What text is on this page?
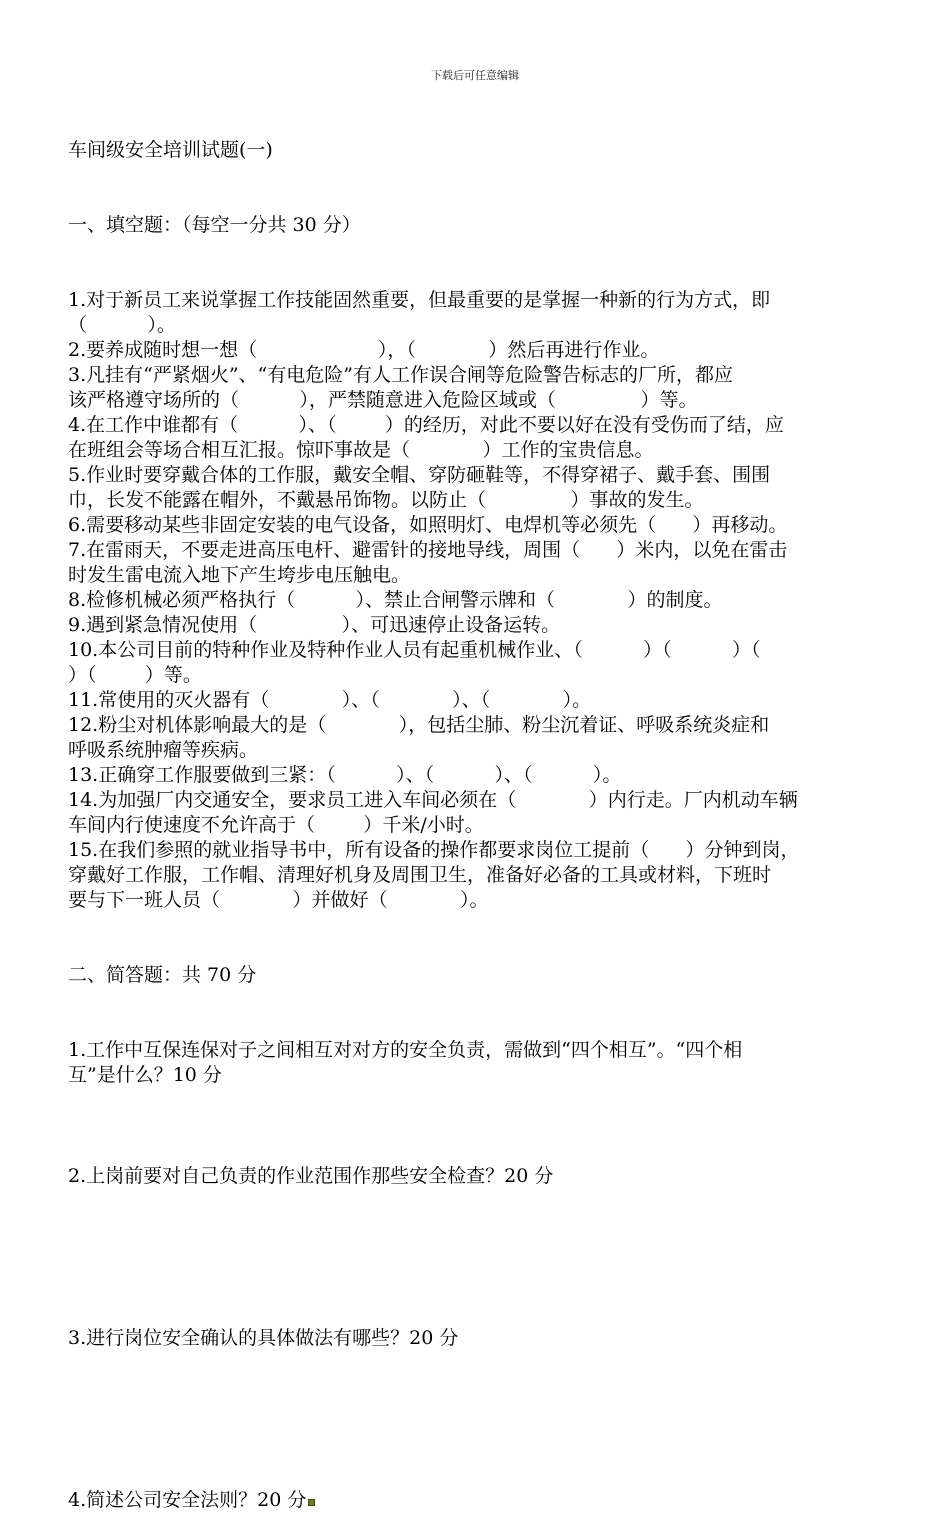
下载后可任意编辑

车间级安全培训试题(一)

一、填空题：（每空一分共 30 分）

1.对于新员工来说掌握工作技能固然重要，但最重要的是掌握一种新的行为方式，即
（          ）。
2.要养成随时想一想（                    ），（            ）然后再进行作业。
3.凡挂有“严紧烟火”、“有电危险”有人工作误合闸等危险警告标志的厂所，都应
该严格遵守场所的（          ），严禁随意进入危险区域或（              ）等。
4.在工作中谁都有（          ）、（        ）的经历，对此不要以好在没有受伤而了结，应
在班组会等场合相互汇报。惊吓事故是（            ）工作的宝贵信息。
5.作业时要穿戴合体的工作服，戴安全帽、穿防砸鞋等，不得穿裙子、戴手套、围围
巾，长发不能露在帽外，不戴悬吊饰物。以防止（              ）事故的发生。
6.需要移动某些非固定安装的电气设备，如照明灯、电焊机等必须先（      ）再移动。
7.在雷雨天，不要走进高压电杆、避雷针的接地导线，周围（      ）米内，以免在雷击
时发生雷电流入地下产生垮步电压触电。
8.检修机械必须严格执行（          ）、禁止合闸警示牌和（            ）的制度。
9.遇到紧急情况使用（              ）、可迅速停止设备运转。
10.本公司目前的特种作业及特种作业人员有起重机械作业、（          ）（          ）（
）（        ）等。
11.常使用的灭火器有（            ）、（            ）、（            ）。
12.粉尘对机体影响最大的是（            ），包括尘肺、粉尘沉着证、呼吸系统炎症和
呼吸系统肿瘤等疾病。
13.正确穿工作服要做到三紧：（          ）、（          ）、（          ）。
14.为加强厂内交通安全，要求员工进入车间必须在（            ）内行走。厂内机动车辆
车间内行使速度不允许高于（        ）千米/小时。
15.在我们参照的就业指导书中，所有设备的操作都要求岗位工提前（      ）分钟到岗，
穿戴好工作服，工作帽、清理好机身及周围卫生，准备好必备的工具或材料，下班时
要与下一班人员（            ）并做好（            ）。

二、简答题：共 70 分

1.工作中互保连保对子之间相互对对方的安全负责，需做到“四个相互”。“四个相
互”是什么？10 分
2.上岗前要对自己负责的作业范围作那些安全检查？20 分
3.进行岗位安全确认的具体做法有哪些？20 分
4.简述公司安全法则？20 分
